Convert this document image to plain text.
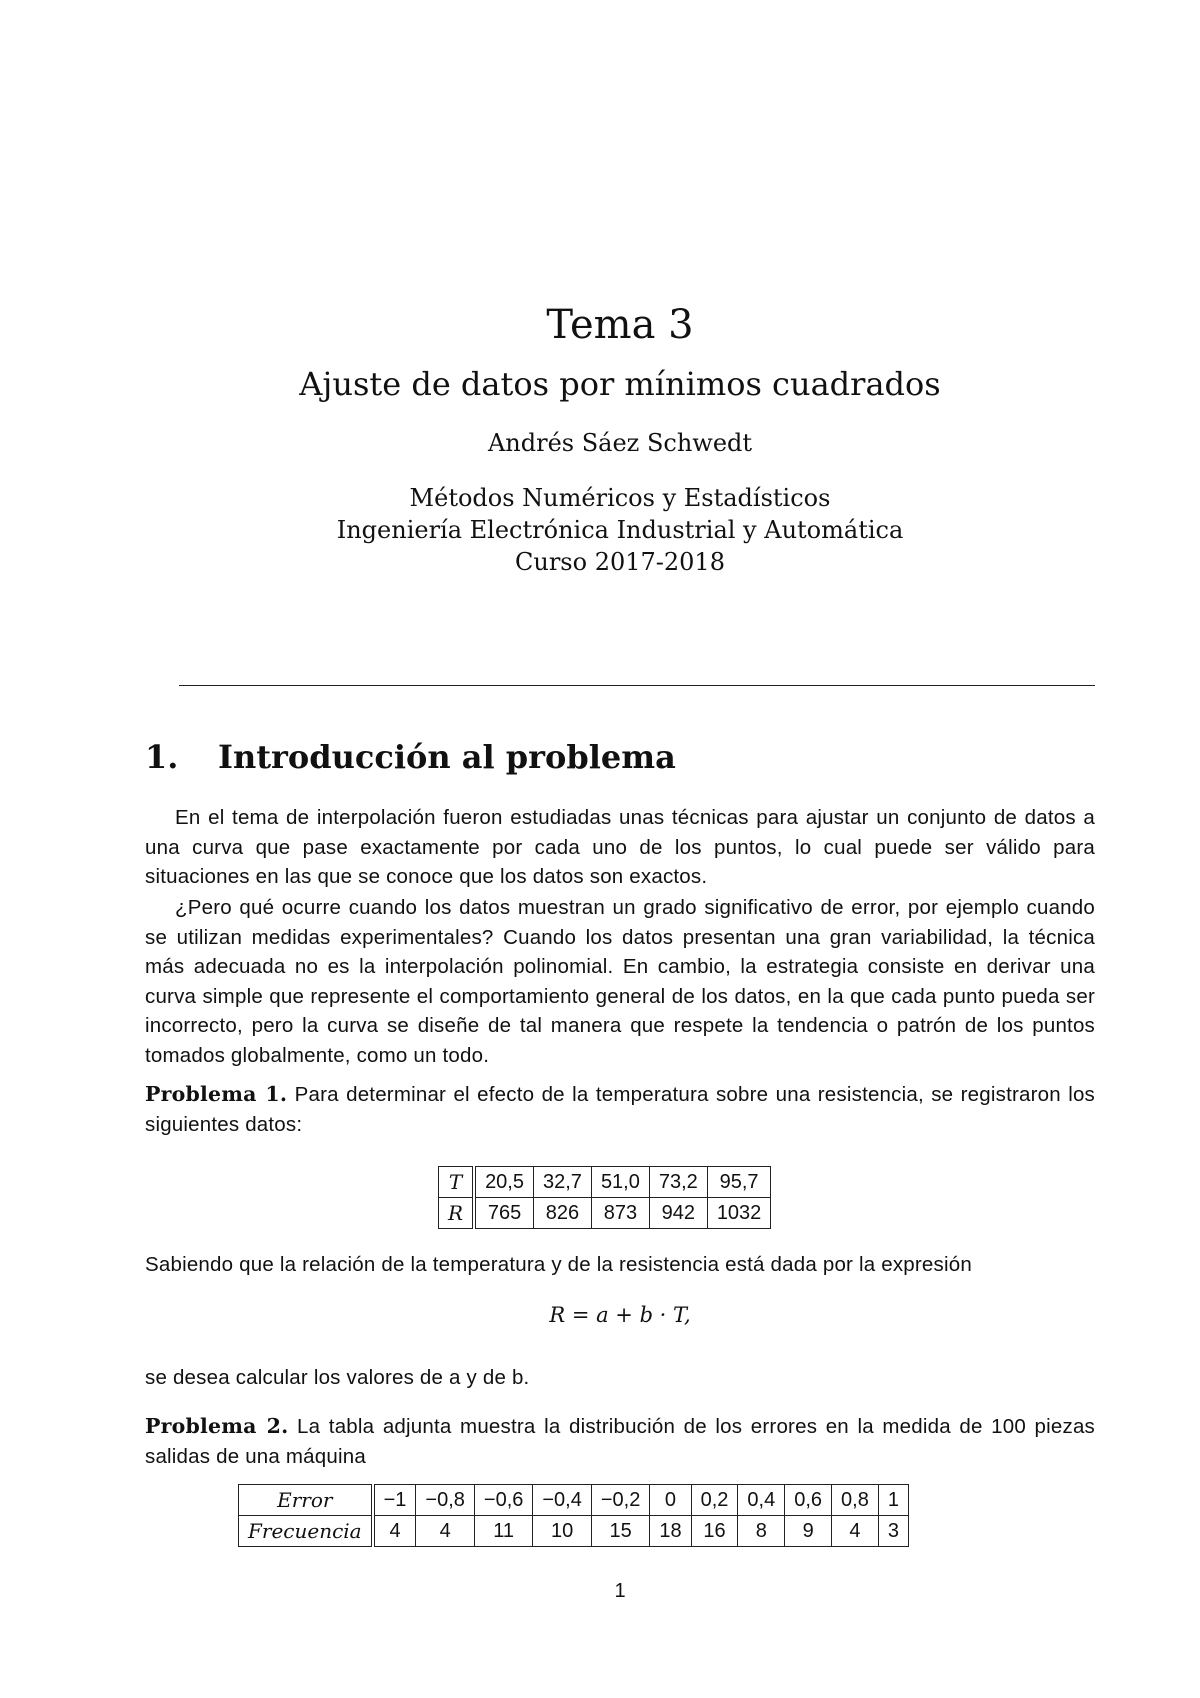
Tema 3
Ajuste de datos por mínimos cuadrados
Andrés Sáez Schwedt
Métodos Numéricos y Estadísticos
Ingeniería Electrónica Industrial y Automática
Curso 2017-2018
1. Introducción al problema
En el tema de interpolación fueron estudiadas unas técnicas para ajustar un conjunto de datos a una curva que pase exactamente por cada uno de los puntos, lo cual puede ser válido para situaciones en las que se conoce que los datos son exactos.
¿Pero qué ocurre cuando los datos muestran un grado significativo de error, por ejemplo cuando se utilizan medidas experimentales? Cuando los datos presentan una gran variabilidad, la técnica más adecuada no es la interpolación polinomial. En cambio, la estrategia consiste en derivar una curva simple que represente el comportamiento general de los datos, en la que cada punto pueda ser incorrecto, pero la curva se diseñe de tal manera que respete la tendencia o patrón de los puntos tomados globalmente, como un todo.
Problema 1. Para determinar el efecto de la temperatura sobre una resistencia, se registraron los siguientes datos:
T	20,5	32,7	51,0	73,2	95,7
R	765	826	873	942	1032
Sabiendo que la relación de la temperatura y de la resistencia está dada por la expresión
R = a + b · T,
se desea calcular los valores de a y de b.
Problema 2. La tabla adjunta muestra la distribución de los errores en la medida de 100 piezas salidas de una máquina
Error	−1	−0,8	−0,6	−0,4	−0,2	0	0,2	0,4	0,6	0,8	1
Frecuencia	4	4	11	10	15	18	16	8	9	4	3
1
